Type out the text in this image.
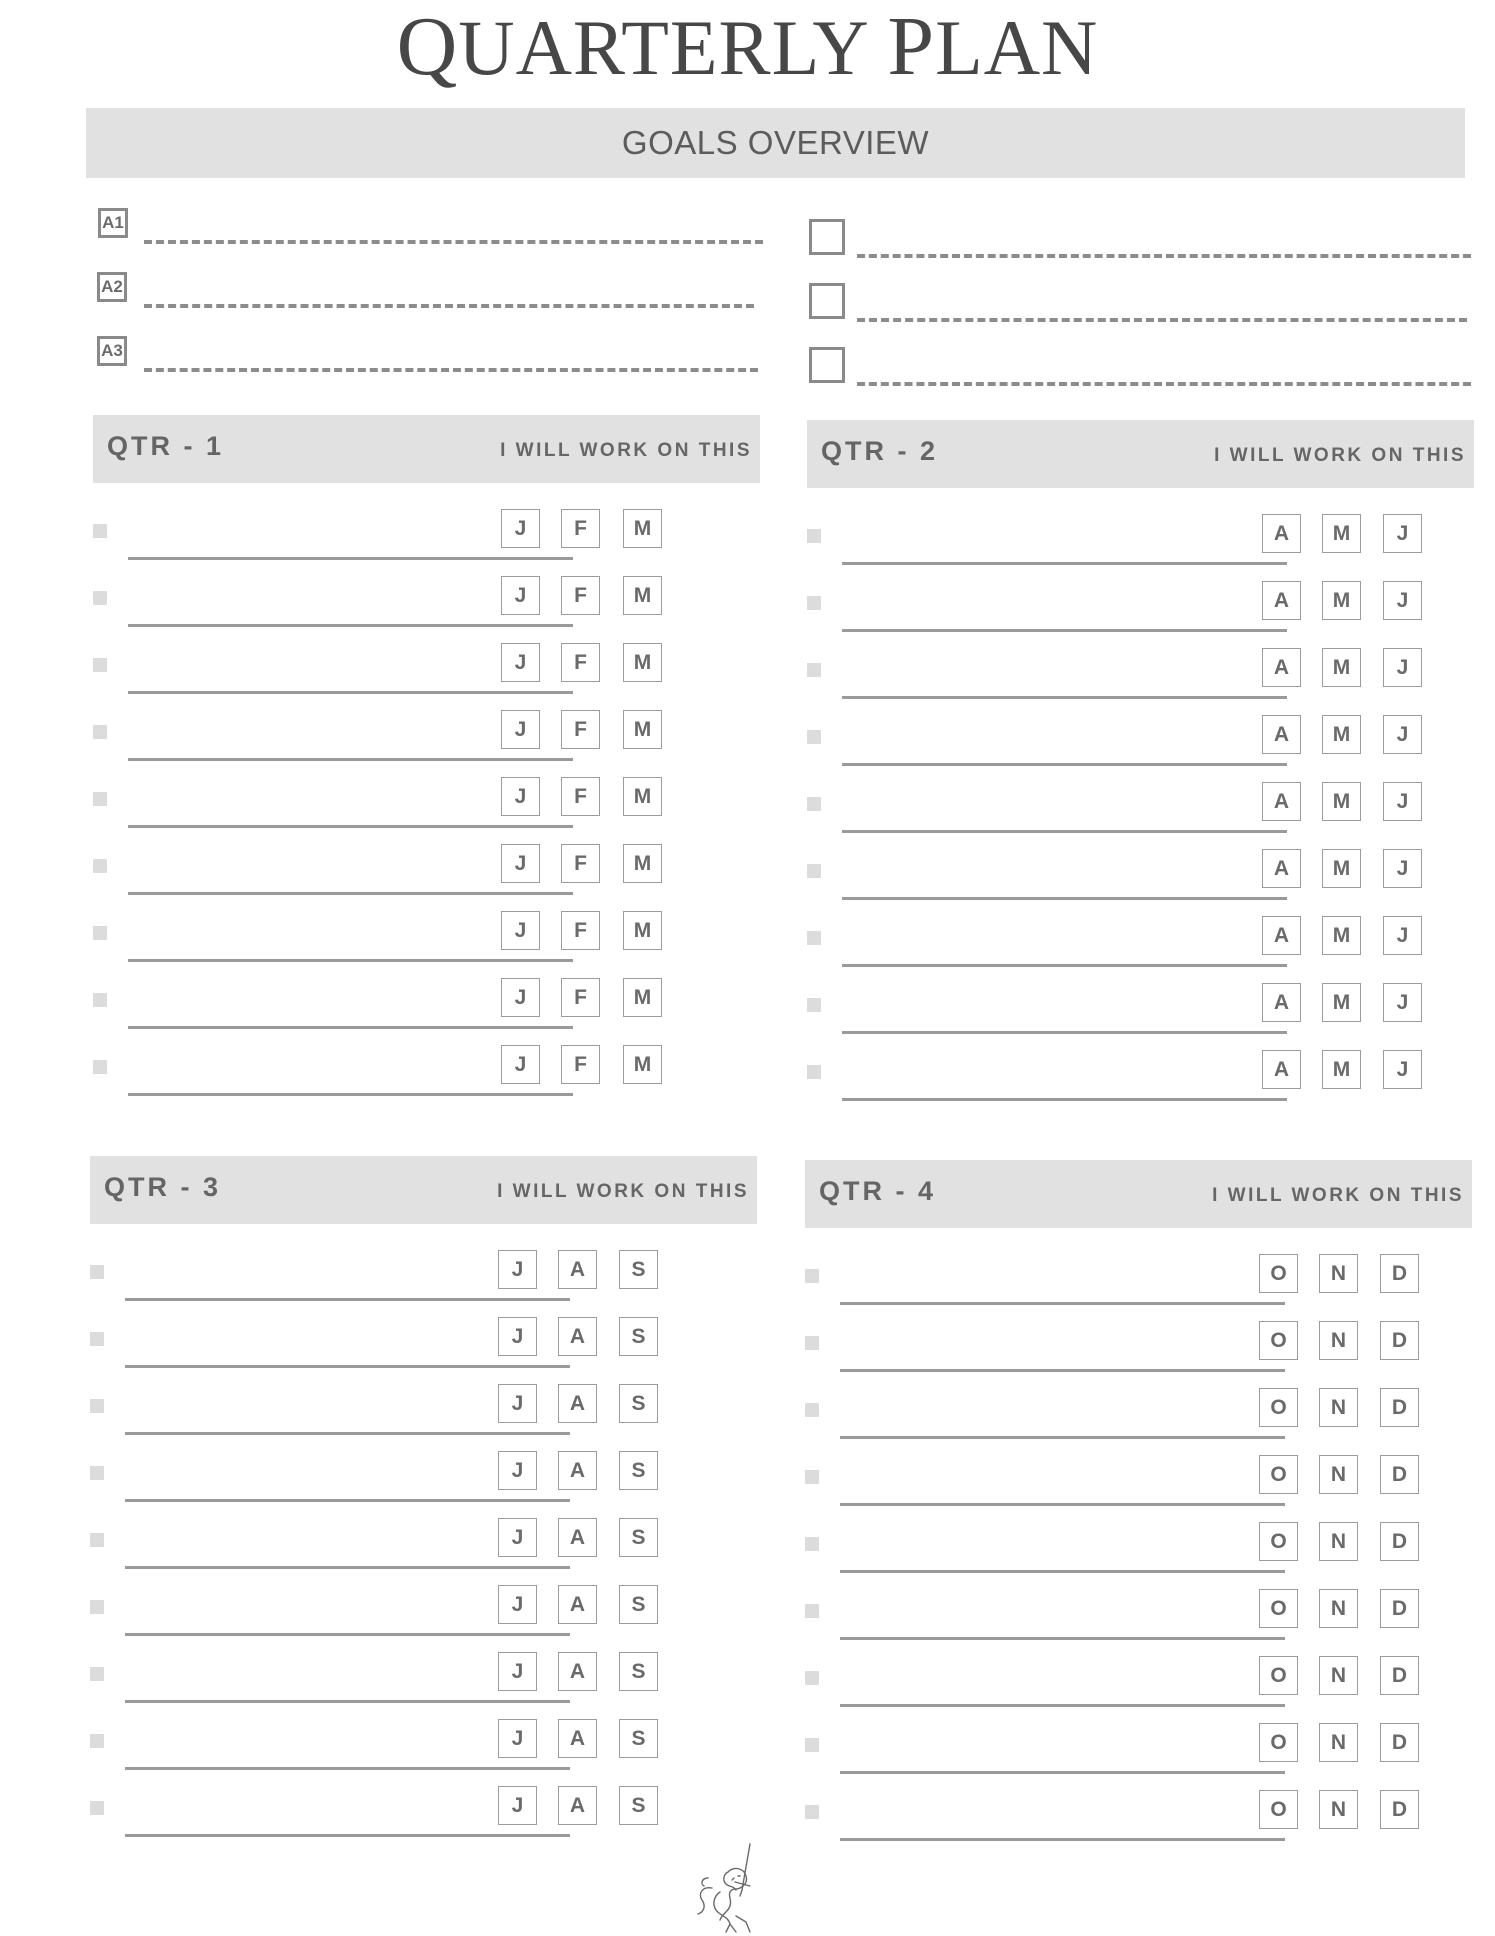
QUARTERLY PLAN
GOALS OVERVIEW
A1
A2
A3
QTR - 1	I WILL WORK ON THIS
J	F	M
J	F	M
J	F	M
J	F	M
J	F	M
J	F	M
J	F	M
J	F	M
J	F	M
QTR - 2	I WILL WORK ON THIS
A	M	J
A	M	J
A	M	J
A	M	J
A	M	J
A	M	J
A	M	J
A	M	J
A	M	J
QTR - 3	I WILL WORK ON THIS
J	A	S
J	A	S
J	A	S
J	A	S
J	A	S
J	A	S
J	A	S
J	A	S
J	A	S
QTR - 4	I WILL WORK ON THIS
O	N	D
O	N	D
O	N	D
O	N	D
O	N	D
O	N	D
O	N	D
O	N	D
O	N	D
